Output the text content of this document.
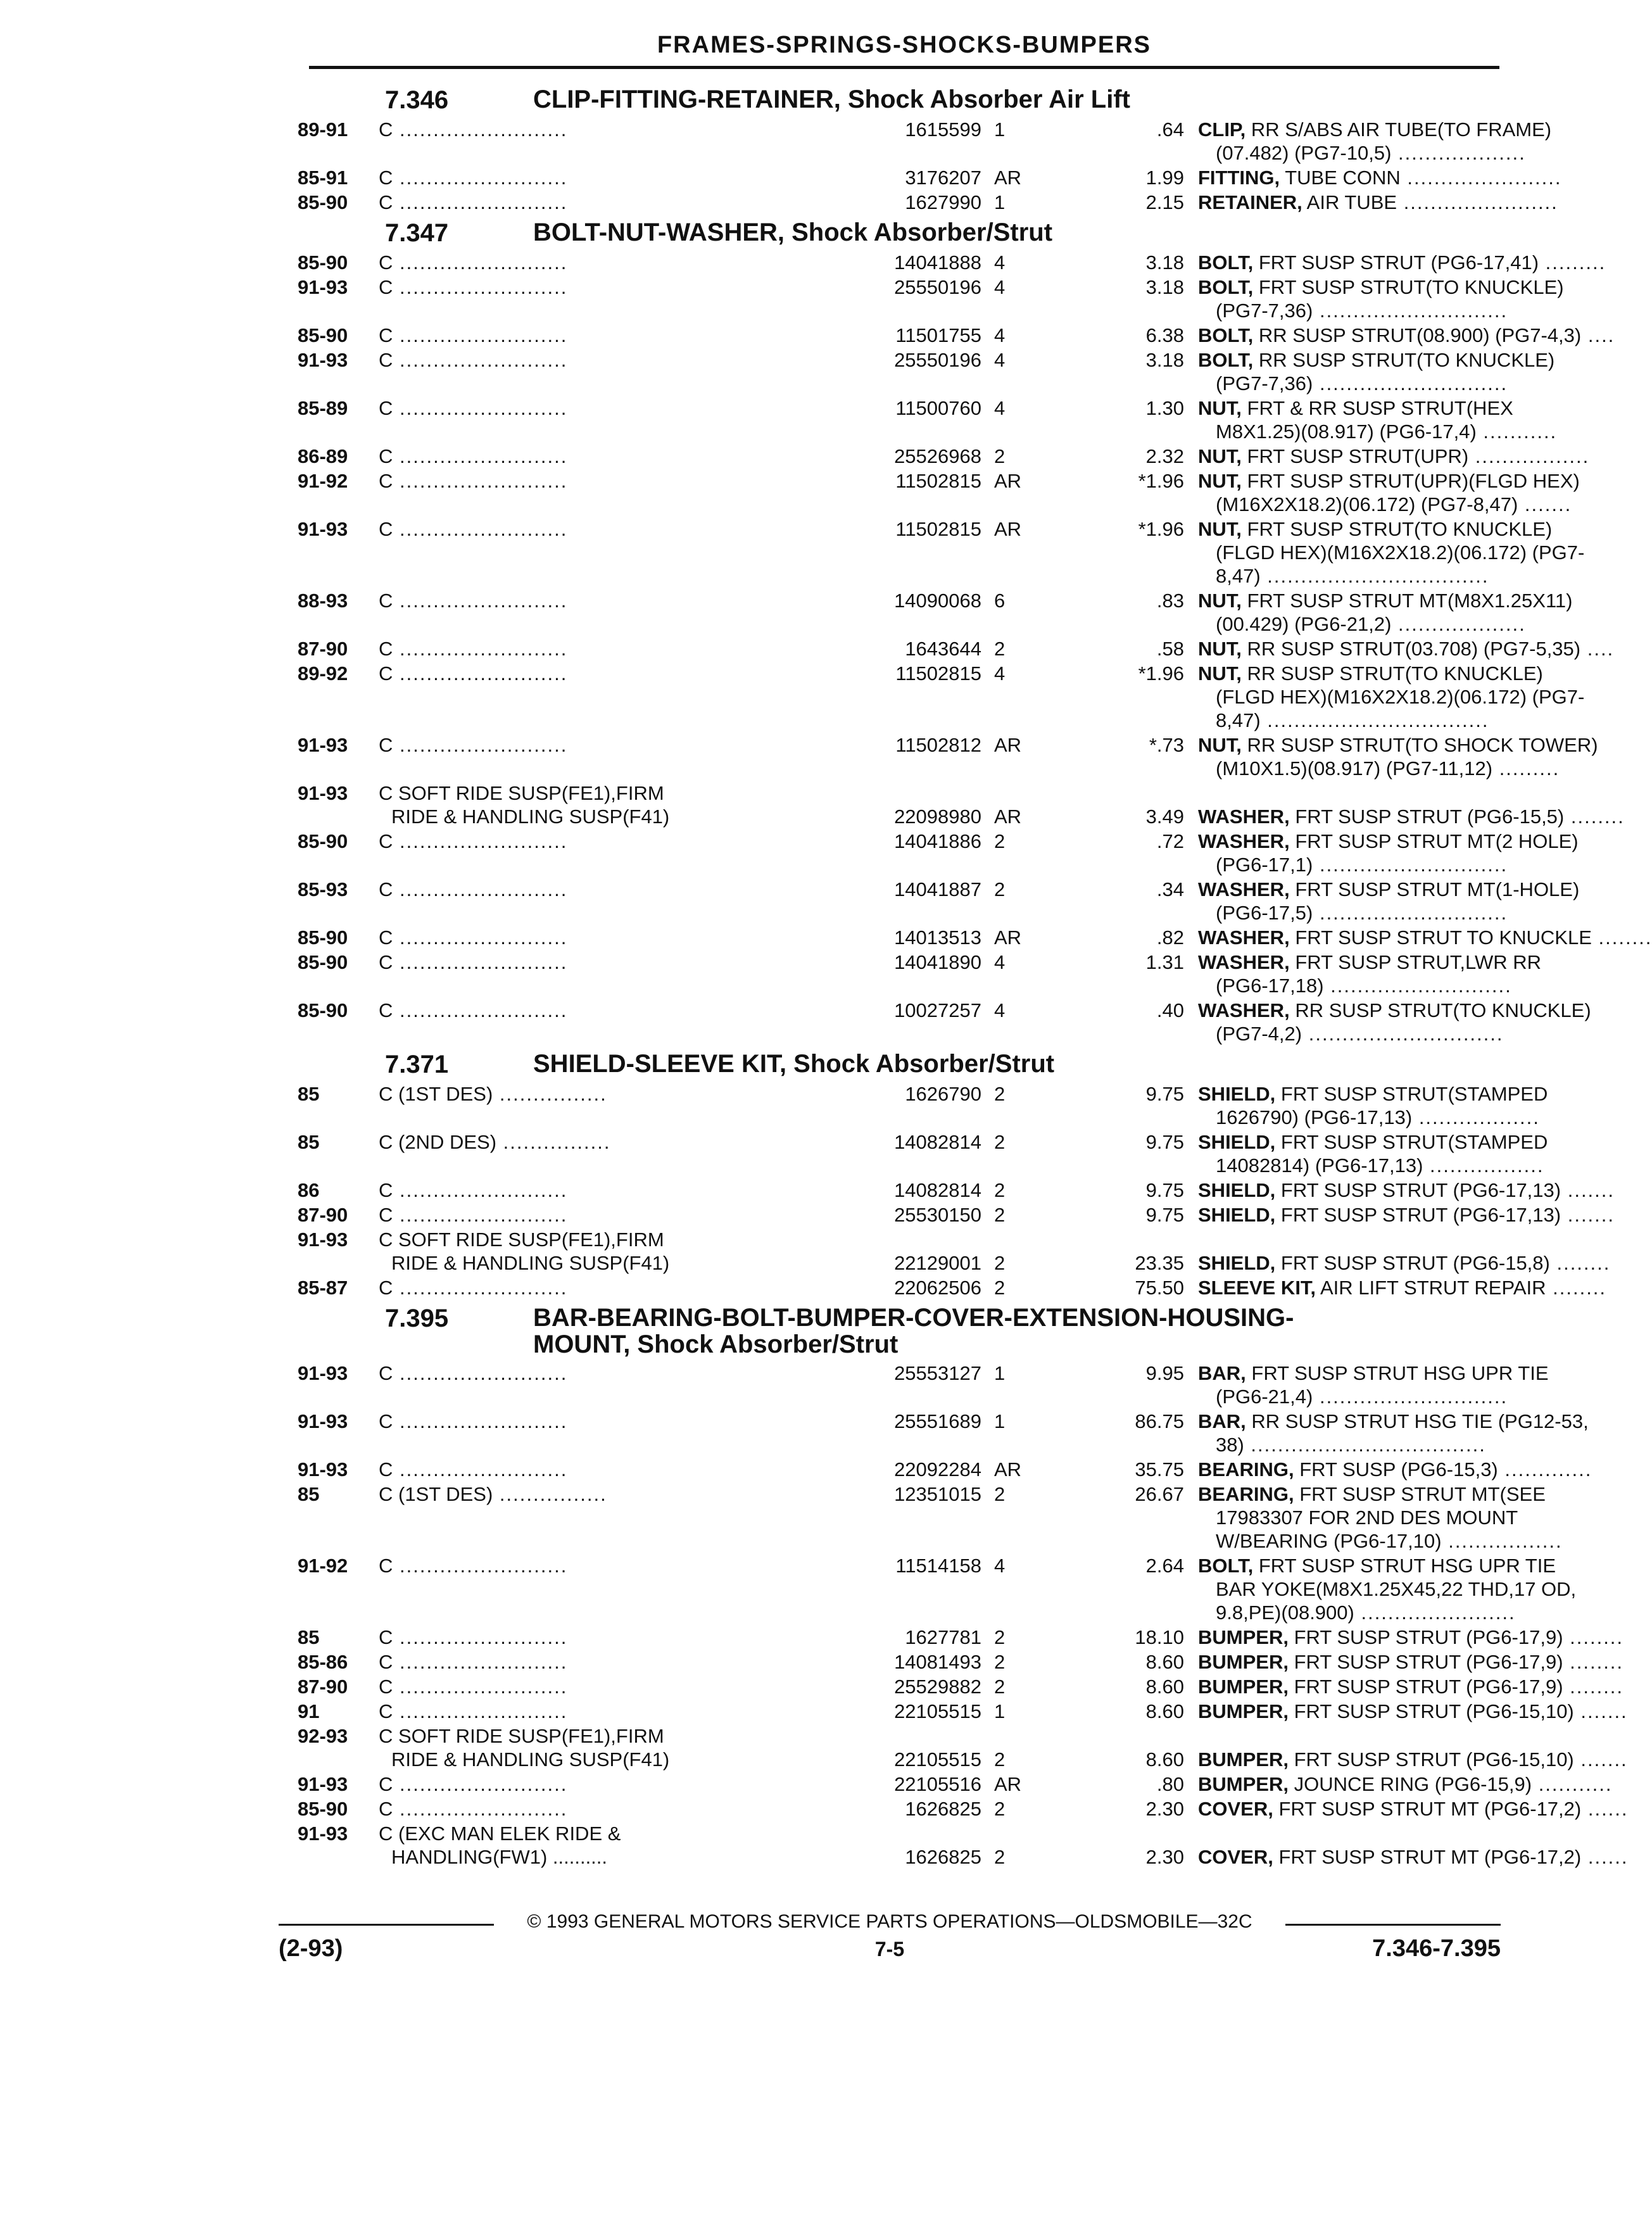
FRAMES-SPRINGS-SHOCKS-BUMPERS
7.346	CLIP-FITTING-RETAINER, Shock Absorber Air Lift
89-91 C .........................	1615599 1	.64 CLIP, RR S/ABS AIR TUBE(TO FRAME)
(07.482) (PG7-10,5) ...................
85-91 C .........................	3176207 AR	1.99 FITTING, TUBE CONN .......................
85-90 C .........................	1627990 1	2.15 RETAINER, AIR TUBE .......................
7.347	BOLT-NUT-WASHER, Shock Absorber/Strut
85-90 C .........................	14041888 4	3.18 BOLT, FRT SUSP STRUT (PG6-17,41) .........
91-93 C .........................	25550196 4	3.18 BOLT, FRT SUSP STRUT(TO KNUCKLE)
(PG7-7,36) ............................
85-90 C .........................	11501755 4	6.38 BOLT, RR SUSP STRUT(08.900) (PG7-4,3) ....
91-93 C .........................	25550196 4	3.18 BOLT, RR SUSP STRUT(TO KNUCKLE)
(PG7-7,36) ............................
85-89 C .........................	11500760 4	1.30 NUT, FRT & RR SUSP STRUT(HEX
M8X1.25)(08.917) (PG6-17,4) ...........
86-89 C .........................	25526968 2	2.32 NUT, FRT SUSP STRUT(UPR) .................
91-92 C .........................	11502815 AR	*1.96 NUT, FRT SUSP STRUT(UPR)(FLGD HEX)
(M16X2X18.2)(06.172) (PG7-8,47) .......
91-93 C .........................	11502815 AR	*1.96 NUT, FRT SUSP STRUT(TO KNUCKLE)
(FLGD HEX)(M16X2X18.2)(06.172) (PG7-
8,47) .................................
88-93 C .........................	14090068 6	.83 NUT, FRT SUSP STRUT MT(M8X1.25X11)
(00.429) (PG6-21,2) ...................
87-90 C .........................	1643644 2	.58 NUT, RR SUSP STRUT(03.708) (PG7-5,35) ....
89-92 C .........................	11502815 4	*1.96 NUT, RR SUSP STRUT(TO KNUCKLE)
(FLGD HEX)(M16X2X18.2)(06.172) (PG7-
8,47) .................................
91-93 C .........................	11502812 AR	*.73 NUT, RR SUSP STRUT(TO SHOCK TOWER)
(M10X1.5)(08.917) (PG7-11,12) .........
91-93 C SOFT RIDE SUSP(FE1),FIRM
RIDE & HANDLING SUSP(F41)	22098980 AR	3.49 WASHER, FRT SUSP STRUT (PG6-15,5) ........
85-90 C .........................	14041886 2	.72 WASHER, FRT SUSP STRUT MT(2 HOLE)
(PG6-17,1) ............................
85-93 C .........................	14041887 2	.34 WASHER, FRT SUSP STRUT MT(1-HOLE)
(PG6-17,5) ............................
85-90 C .........................	14013513 AR	.82 WASHER, FRT SUSP STRUT TO KNUCKLE ........
85-90 C .........................	14041890 4	1.31 WASHER, FRT SUSP STRUT,LWR RR
(PG6-17,18) ...........................
85-90 C .........................	10027257 4	.40 WASHER, RR SUSP STRUT(TO KNUCKLE)
(PG7-4,2) .............................
7.371	SHIELD-SLEEVE KIT, Shock Absorber/Strut
85	C (1ST DES) ................	1626790 2	9.75 SHIELD, FRT SUSP STRUT(STAMPED
1626790) (PG6-17,13) ..................
85	C (2ND DES) ................	14082814 2	9.75 SHIELD, FRT SUSP STRUT(STAMPED
14082814) (PG6-17,13) .................
86	C .........................	14082814 2	9.75 SHIELD, FRT SUSP STRUT (PG6-17,13) .......
87-90 C .........................	25530150 2	9.75 SHIELD, FRT SUSP STRUT (PG6-17,13) .......
91-93 C SOFT RIDE SUSP(FE1),FIRM
RIDE & HANDLING SUSP(F41)	22129001 2	23.35 SHIELD, FRT SUSP STRUT (PG6-15,8) ........
85-87 C .........................	22062506 2	75.50 SLEEVE KIT, AIR LIFT STRUT REPAIR ........
7.395	BAR-BEARING-BOLT-BUMPER-COVER-EXTENSION-HOUSING-
MOUNT, Shock Absorber/Strut
91-93 C .........................	25553127 1	9.95 BAR, FRT SUSP STRUT HSG UPR TIE
(PG6-21,4) ............................
91-93 C .........................	25551689 1	86.75 BAR, RR SUSP STRUT HSG TIE (PG12-53,
38) ...................................
91-93 C .........................	22092284 AR	35.75 BEARING, FRT SUSP (PG6-15,3) .............
85	C (1ST DES) ................	12351015 2	26.67 BEARING, FRT SUSP STRUT MT(SEE
17983307 FOR 2ND DES MOUNT
W/BEARING (PG6-17,10) .................
91-92 C .........................	11514158 4	2.64 BOLT, FRT SUSP STRUT HSG UPR TIE
BAR YOKE(M8X1.25X45,22 THD,17 OD,
9.8,PE)(08.900) .......................
85	C .........................	1627781 2	18.10 BUMPER, FRT SUSP STRUT (PG6-17,9) ........
85-86 C .........................	14081493 2	8.60 BUMPER, FRT SUSP STRUT (PG6-17,9) ........
87-90 C .........................	25529882 2	8.60 BUMPER, FRT SUSP STRUT (PG6-17,9) ........
91	C .........................	22105515 1	8.60 BUMPER, FRT SUSP STRUT (PG6-15,10) .......
92-93 C SOFT RIDE SUSP(FE1),FIRM
RIDE & HANDLING SUSP(F41)	22105515 2	8.60 BUMPER, FRT SUSP STRUT (PG6-15,10) .......
91-93 C .........................	22105516 AR	.80 BUMPER, JOUNCE RING (PG6-15,9) ...........
85-90 C .........................	1626825 2	2.30 COVER, FRT SUSP STRUT MT (PG6-17,2) ......
91-93 C (EXC MAN ELEK RIDE &
HANDLING(FW1) ..........	1626825 2	2.30 COVER, FRT SUSP STRUT MT (PG6-17,2) ......
© 1993 GENERAL MOTORS SERVICE PARTS OPERATIONS—OLDSMOBILE—32C
(2-93)	7-5	7.346-7.395
